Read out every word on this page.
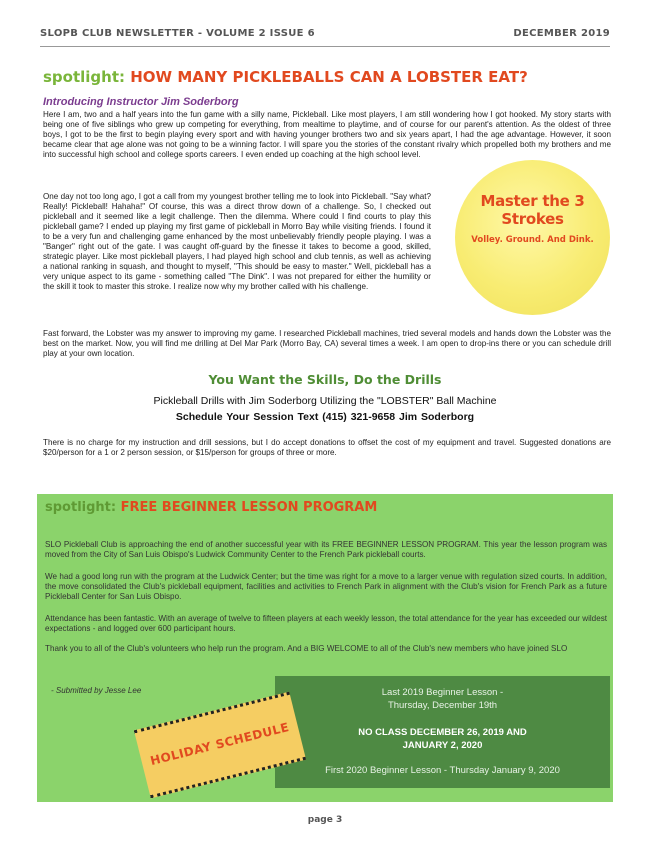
SLOPB CLUB NEWSLETTER - VOLUME 2 ISSUE 6	DECEMBER 2019
spotlight: HOW MANY PICKLEBALLS CAN A LOBSTER EAT?
Introducing Instructor Jim Soderborg
Here I am, two and a half years into the fun game with a silly name, Pickleball. Like most players, I am still wondering how I got hooked. My story starts with being one of five siblings who grew up competing for everything, from mealtime to playtime, and of course for our parent's attention. As the oldest of three boys, I got to be the first to begin playing every sport and with having younger brothers two and six years apart, I had the age advantage. However, it soon became clear that age alone was not going to be a winning factor. I will spare you the stories of the constant rivalry which propelled both my brothers and me into successful high school and college sports careers. I even ended up coaching at the high school level.
One day not too long ago, I got a call from my youngest brother telling me to look into Pickleball. "Say what? Really! Pickleball! Hahaha!" Of course, this was a direct throw down of a challenge. So, I checked out pickleball and it seemed like a legit challenge. Then the dilemma. Where could I find courts to play this pickleball game? I ended up playing my first game of pickleball in Morro Bay while visiting friends. I found it to be a very fun and challenging game enhanced by the most unbelievably friendly people playing. I was a "Banger" right out of the gate. I was caught off-guard by the finesse it takes to become a good, skilled, strategic player. Like most pickleball players, I had played high school and club tennis, as well as achieving a national ranking in squash, and thought to myself, "This should be easy to master." Well, pickleball has a very unique aspect to its game - something called "The Dink". I was not prepared for either the humility or the skill it took to master this stroke. I realize now why my brother called with his challenge.
Master the 3 Strokes
Volley. Ground. And Dink.
Fast forward, the Lobster was my answer to improving my game. I researched Pickleball machines, tried several models and hands down the Lobster was the best on the market. Now, you will find me drilling at Del Mar Park (Morro Bay, CA) several times a week. I am open to drop-ins there or you can schedule drill play at your own location.
You Want the Skills, Do the Drills
Pickleball Drills with Jim Soderborg Utilizing the "LOBSTER" Ball Machine
Schedule Your Session Text (415) 321-9658 Jim Soderborg
There is no charge for my instruction and drill sessions, but I do accept donations to offset the cost of my equipment and travel. Suggested donations are $20/person for a 1 or 2 person session, or $15/person for groups of three or more.
spotlight: FREE BEGINNER LESSON PROGRAM
SLO Pickleball Club is approaching the end of another successful year with its FREE BEGINNER LESSON PROGRAM. This year the lesson program was moved from the City of San Luis Obispo's Ludwick Community Center to the French Park pickleball courts.
We had a good long run with the program at the Ludwick Center; but the time was right for a move to a larger venue with regulation sized courts. In addition, the move consolidated the Club's pickleball equipment, facilities and activities to French Park in alignment with the Club's vision for French Park as a future Pickleball Center for San Luis Obispo.
Attendance has been fantastic. With an average of twelve to fifteen players at each weekly lesson, the total attendance for the year has exceeded our wildest expectations - and logged over 600 participant hours.
Thank you to all of the Club's volunteers who help run the program. And a BIG WELCOME to all of the Club's new members who have joined SLO
- Submitted by Jesse Lee	Last 2019 Beginner Lesson -
Thursday, December 19th
NO CLASS DECEMBER 26, 2019 AND
JANUARY 2, 2020
First 2020 Beginner Lesson - Thursday January 9, 2020
HOLIDAY SCHEDULE
page 3
